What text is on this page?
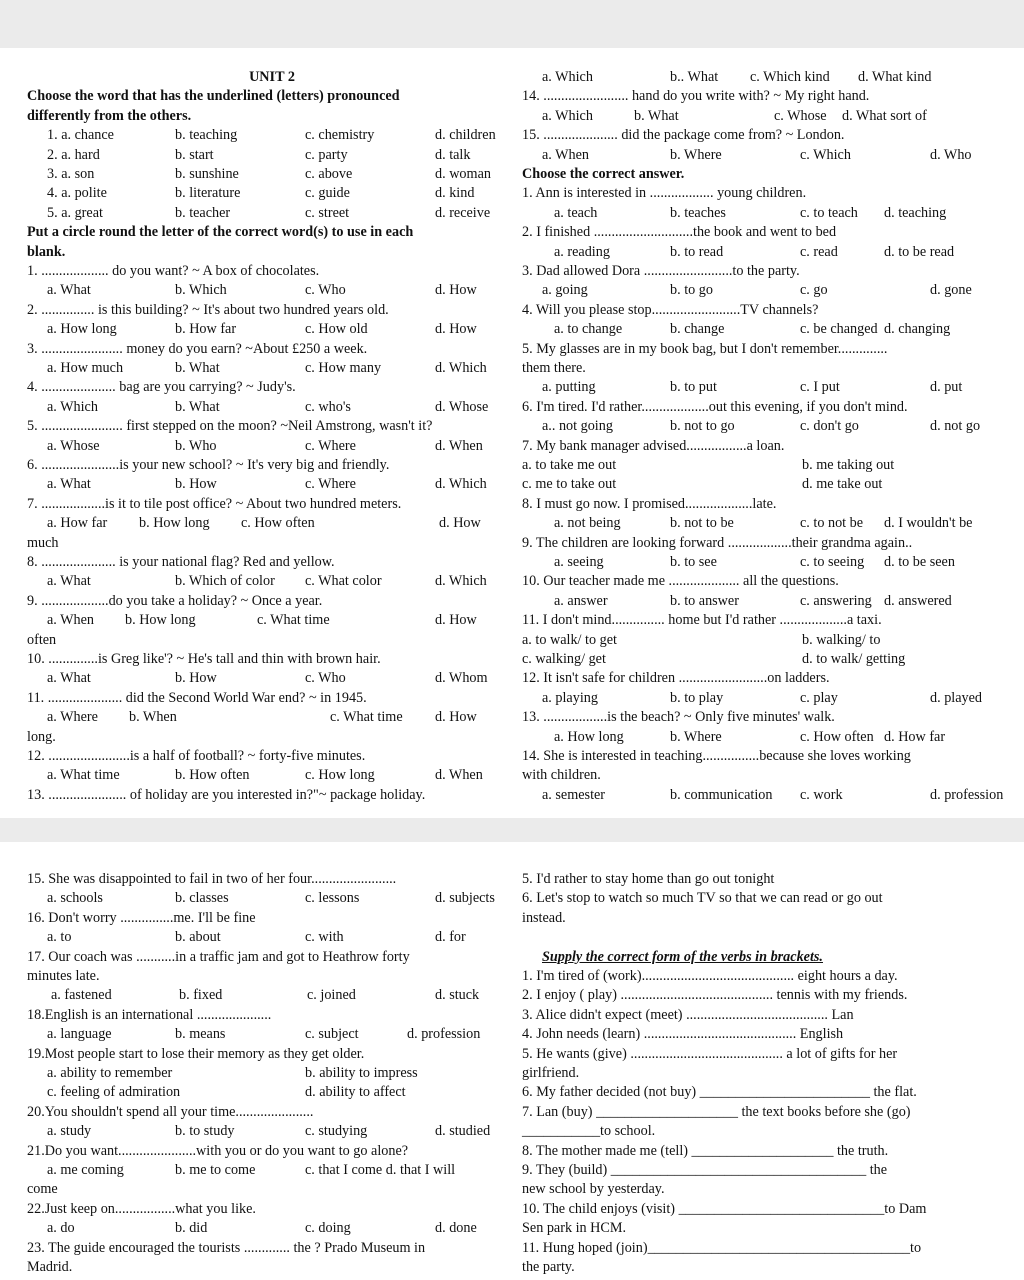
UNIT 2
Choose the word that has the underlined (letters) pronounced
differently from the others.
1. a. chance	b. teaching	c. chemistry	d. children
2. a. hard	b. start	c. party	d. talk
3. a. son	b. sunshine	c. above	d. woman
4. a. polite	b. literature	c. guide	d. kind
5. a. great	b. teacher	c. street	d. receive
Put a circle round the letter of the correct word(s) to use in each
blank.
1. ................... do you want? ~ A box of chocolates.
a. What	b. Which	c. Who	d. How
2. ............... is this building? ~ It's about two hundred years old.
a. How long	b. How far	c. How old	d. How
3. ....................... money do you earn? ~About £250 a week.
a. How much	b. What	c. How many	d. Which
4. ..................... bag are you carrying? ~ Judy's.
a. Which	b. What	c. who's	d. Whose
5. ....................... first stepped on the moon? ~Neil Amstrong, wasn't it?
a. Whose	b. Who	c. Where	d. When
6. ......................is your new school? ~ It's very big and friendly.
a. What	b. How	c. Where	d. Which
7. ..................is it to tile post office? ~ About two hundred meters.
a. How far b. How long c. How often	d. How
much
8. ..................... is your national flag? Red and yellow.
a. What	b. Which of color c. What color	d. Which
9. ...................do you take a holiday? ~ Once a year.
a. When b. How long	c. What time	d. How
often
10. ..............is Greg like'? ~ He's tall and thin with brown hair.
a. What	b. How	c. Who	d. Whom
11. ..................... did the Second World War end? ~ in 1945.
a. Where b. When	c. What time d. How
long.
12. .......................is a half of football? ~ forty-five minutes.
a. What time	b. How often	c. How long	d. When
13. ...................... of holiday are you interested in?"~ package holiday.
a. Which	b.. What c. Which kind d. What kind
14. ........................ hand do you write with? ~ My right hand.
a. Which	b. What	c. Whose d. What sort of
15. ..................... did the package come from? ~ London.
a. When	b. Where	c. Which	d. Who
Choose the correct answer.
1. Ann is interested in .................. young children.
a. teach	b. teaches	c. to teach d. teaching
2. I finished ............................the book and went to bed
a. reading	b. to read	c. read	d. to be read
3. Dad allowed Dora .........................to the party.
a. going	b. to go	c. go	d. gone
4. Will you please stop.........................TV channels?
a. to change	b. change	c. be changed d. changing
5. My glasses are in my book bag, but I don't remember..............
them there.
a. putting	b. to put	c. I put	d. put
6. I'm tired. I'd rather...................out this evening, if you don't mind.
a.. not going	b. not to go	c. don't go	d. not go
7. My bank manager advised.................a loan.
a. to take me out	b. me taking out
c. me to take out	d. me take out
8. I must go now. I promised...................late.
a. not being	b. not to be	c. to not be d. I wouldn't be
9. The children are looking forward ..................their grandma again..
a. seeing	b. to see	c. to seeing d. to be seen
10. Our teacher made me .................... all the questions.
a. answer	b. to answer	c. answering d. answered
11. I don't mind............... home but I'd rather ...................a taxi.
a. to walk/ to get	b. walking/ to
c. walking/ get	d. to walk/ getting
12. It isn't safe for children .........................on ladders.
a. playing	b. to play	c. play	d. played
13. ..................is the beach? ~ Only five minutes' walk.
a. How long	b. Where	c. How often d. How far
14. She is interested in teaching................because she loves working
with children.
a. semester	b. communication c. work	d. profession
15. She was disappointed to fail in two of her four........................
a. schools	b. classes	c. lessons	d. subjects
16. Don't worry ...............me. I'll be fine
a. to	b. about	c. with	d. for
17. Our coach was ...........in a traffic jam and got to Heathrow forty
minutes late.
a. fastened	b. fixed	c. joined	d. stuck
18.English is an international .....................
a. language	b. means	c. subject	d. profession
19.Most people start to lose their memory as they get older.
a. ability to remember	b. ability to impress
c. feeling of admiration	d. ability to affect
20.You shouldn't spend all your time......................
a. study	b. to study	c. studying	d. studied
21.Do you want......................with you or do you want to go alone?
a. me coming	b. me to come	c. that I come d. that I will
come
22.Just keep on.................what you like.
a. do	b. did	c. doing	d. done
23. The guide encouraged the tourists ............. the ? Prado Museum in
Madrid.
5. I'd rather to stay home than go out tonight
6. Let's stop to watch so much TV so that we can read or go out
instead.
Supply the correct form of the verbs in brackets.
1. I'm tired of (work)........................................... eight hours a day.
2. I enjoy ( play) ........................................... tennis with my friends.
3. Alice didn't expect (meet) ........................................ Lan
4. John needs (learn) ........................................... English
5. He wants (give) ........................................... a lot of gifts for her
girlfriend.
6. My father decided (not buy) ________________________ the flat.
7. Lan (buy) ____________________ the text books before she (go)
___________to school.
8. The mother made me (tell) ____________________ the truth.
9. They (build) ____________________________________ the
new school by yesterday.
10. The child enjoys (visit) _____________________________to Dam
Sen park in HCM.
11. Hung hoped (join)_____________________________________to
the party.
